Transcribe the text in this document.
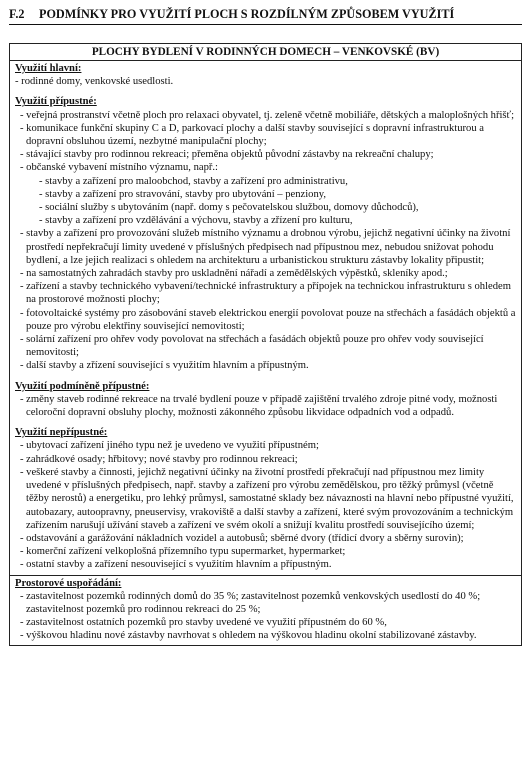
F.2 PODMÍNKY PRO VYUŽITÍ PLOCH S ROZDÍLNÝM ZPŮSOBEM VYUŽITÍ
PLOCHY BYDLENÍ V RODINNÝCH DOMECH – VENKOVSKÉ (BV)
Využití hlavní:
- rodinné domy, venkovské usedlosti.
Využití přípustné:
- veřejná prostranství včetně ploch pro relaxaci obyvatel, tj. zeleně včetně mobiliáře, dětských a maloplošných hřišť;
- komunikace funkční skupiny C a D, parkovací plochy a další stavby související s dopravní infrastrukturou a dopravní obsluhou území, nezbytné manipulační plochy;
- stávající stavby pro rodinnou rekreaci; přeměna objektů původní zástavby na rekreační chalupy;
- občanské vybavení místního významu, např.:
- stavby a zařízení pro maloobchod, stavby a zařízení pro administrativu,
- stavby a zařízení pro stravování, stavby pro ubytování – penziony,
- sociální služby s ubytováním (např. domy s pečovatelskou službou, domovy důchodců),
- stavby a zařízení pro vzdělávání a výchovu, stavby a zřízení pro kulturu,
- stavby a zařízení pro provozování služeb místního významu a drobnou výrobu, jejichž negativní účinky na životní prostředí nepřekračují limity uvedené v příslušných předpisech nad přípustnou mez, nebudou snižovat pohodu bydlení, a lze jejich realizaci s ohledem na architekturu a urbanistickou strukturu zástavby lokality připustit;
- na samostatných zahradách stavby pro uskladnění nářadí a zemědělských výpěstků, skleníky apod.;
- zařízení a stavby technického vybavení/technické infrastruktury a přípojek na technickou infrastrukturu s ohledem na prostorové možnosti plochy;
- fotovoltaické systémy pro zásobování staveb elektrickou energií povolovat pouze na střechách a fasádách objektů a pouze pro výrobu elektřiny související nemovitosti;
- solární zařízení pro ohřev vody povolovat na střechách a fasádách objektů pouze pro ohřev vody související nemovitosti;
- další stavby a zřízení související s využitím hlavním a přípustným.
Využití podmíněně přípustné:
- změny staveb rodinné rekreace na trvalé bydlení pouze v případě zajištění trvalého zdroje pitné vody, možnosti celoroční dopravní obsluhy plochy, možnosti zákonného způsobu likvidace odpadních vod a odpadů.
Využití nepřípustné:
- ubytovací zařízení jiného typu než je uvedeno ve využití přípustném;
- zahrádkové osady; hřbitovy; nové stavby pro rodinnou rekreaci;
- veškeré stavby a činnosti, jejichž negativní účinky na životní prostředí překračují nad přípustnou mez limity uvedené v příslušných předpisech, např. stavby a zařízení pro výrobu zemědělskou, pro těžký průmysl (včetně těžby nerostů) a energetiku, pro lehký průmysl, samostatné sklady bez návaznosti na hlavní nebo přípustné využití, autobazary, autoopravny, pneuservisy, vrakoviště a další stavby a zařízení, které svým provozováním a technickým zařízením narušují užívání staveb a zařízení ve svém okolí a snižují kvalitu prostředí souvisejícího území;
- odstavování a garážování nákladních vozidel a autobusů; sběrné dvory (třídicí dvory a sběrny surovin);
- komerční zařízení velkoplošná přízemního typu supermarket, hypermarket;
- ostatní stavby a zařízení nesouvisející s využitím hlavním a přípustným.
Prostorové uspořádání:
- zastavitelnost pozemků rodinných domů do 35 %; zastavitelnost pozemků venkovských usedlostí do 40 %; zastavitelnost pozemků pro rodinnou rekreaci do 25 %;
- zastavitelnost ostatních pozemků pro stavby uvedené ve využití přípustném do 60 %,
- výškovou hladinu nové zástavby navrhovat s ohledem na výškovou hladinu okolní stabilizované zástavby.
